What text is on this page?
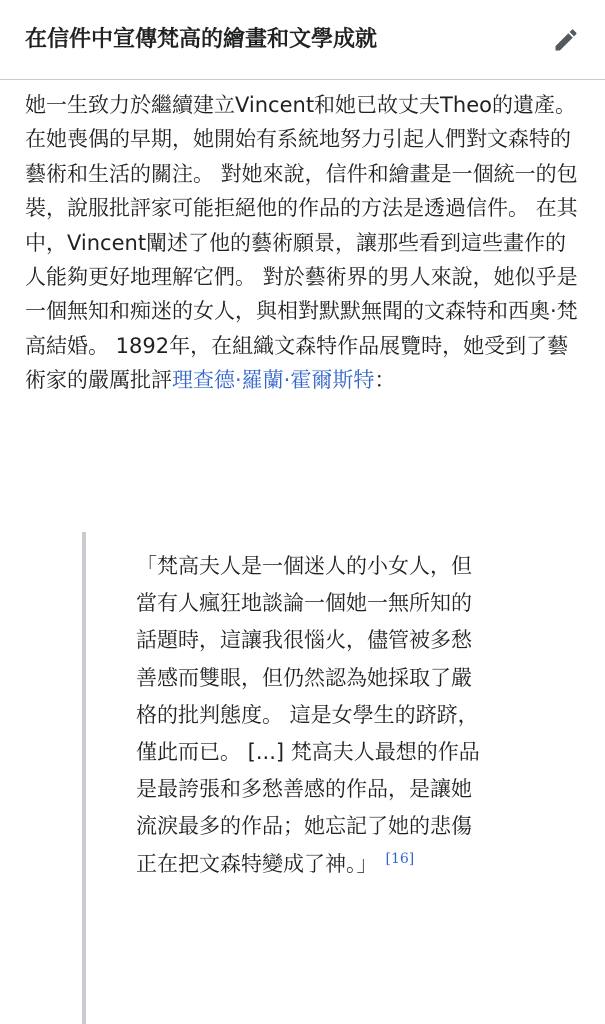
在信件中宣傳梵高的繪畫和文學成就

她一生致力於繼續建立Vincent和她已故丈夫Theo的遺產。 在她喪偶的早期，她開始有系統地努力引起人們對文森特的藝術和生活的關注。 對她來說，信件和繪畫是一個統一的包裝，說服批評家可能拒絕他的作品的方法是透過信件。 在其中，Vincent闡述了他的藝術願景，讓那些看到這些畫作的人能夠更好地理解它們。 對於藝術界的男人來說，她似乎是一個無知和痴迷的女人，與相對默默無聞的文森特和西奧·梵高結婚。 1892年，在組織文森特作品展覽時，她受到了藝術家的嚴厲批評理查德·羅蘭·霍爾斯特：

「梵高夫人是一個迷人的小女人，但當有人瘋狂地談論一個她一無所知的話題時，這讓我很惱火，儘管被多愁善感而雙眼，但仍然認為她採取了嚴格的批判態度。 這是女學生的跻跻，僅此而已。 [...] 梵高夫人最想的作品是最誇張和多愁善感的作品，是讓她流淚最多的作品；她忘記了她的悲傷正在把文森特變成了神。」 [16]
